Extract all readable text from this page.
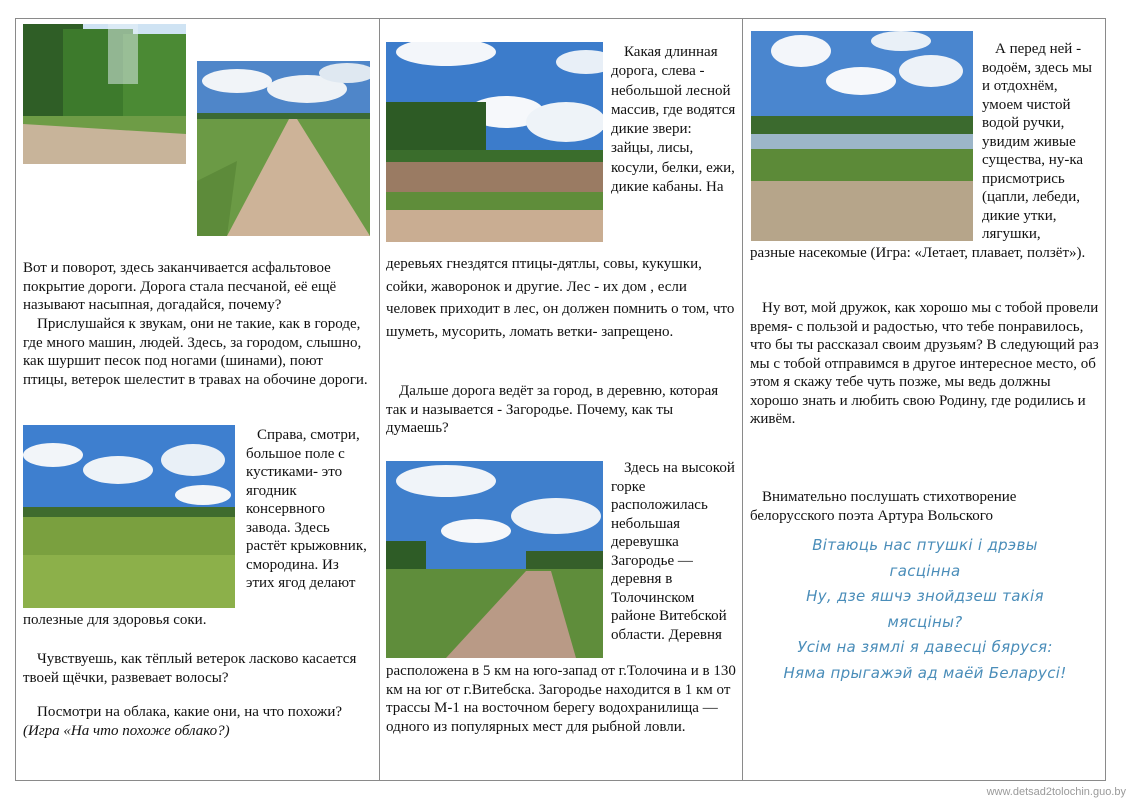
Вот и поворот, здесь заканчивается асфальтовое покрытие дороги. Дорога стала песчаной, её ещё называют насыпная, догадайся, почему?
Прислушайся к звукам, они не такие, как в городе, где много машин, людей. Здесь, за городом, слышно, как шуршит песок под ногами (шинами), поют птицы, ветерок шелестит в травах на обочине дороги.
Справа, смотри, большое поле с кустиками- это ягодник консервного завода. Здесь растёт крыжовник, смородина. Из этих ягод делают
полезные для здоровья соки.
Чувствуешь, как тёплый ветерок ласково касается твоей щёчки, развевает волосы?
Посмотри на облака, какие они, на что похожи?
(Игра «На что похоже облако?)
Какая длинная дорога, слева - небольшой лесной массив, где водятся дикие звери: зайцы, лисы, косули, белки, ежи, дикие кабаны. На
деревьях гнездятся птицы-дятлы, совы, кукушки, сойки, жаворонок и другие. Лес - их дом , если человек приходит в лес, он должен помнить о том, что шуметь, мусорить, ломать ветки- запрещено.
Дальше дорога ведёт за город, в деревню, которая так и называется - Загородье. Почему, как ты думаешь?
Здесь на высокой горке расположилась небольшая деревушка Загородье — деревня в Толочинском районе Витебской области. Деревня
расположена в 5 км на юго-запад от г.Толочина и в 130 км на юг от г.Витебска. Загородье находится в 1 км от трассы М-1 на восточном берегу водохранилища — одного из популярных мест для рыбной ловли.
А перед ней - водоём, здесь мы и отдохнём, умоем чистой водой ручки, увидим живые существа, ну-ка присмотрись (цапли, лебеди, дикие утки, лягушки,
разные насекомые (Игра: «Летает, плавает, ползёт»).
Ну вот, мой дружок, как хорошо мы с тобой провели время- с пользой и радостью, что тебе понравилось, что бы ты рассказал своим друзьям? В следующий раз мы с тобой отправимся в другое интересное место, об этом я скажу тебе чуть позже, мы ведь должны хорошо знать и любить свою Родину, где родились и живём.
Внимательно послушать стихотворение белорусского поэта Артура Вольского
Вітаюць нас птушкі і дрэвы
гасцінна
Ну, дзе яшчэ знойдзеш такія
мясціны?
Усім на зямлі я давесці бяруся:
Няма прыгажэй ад маёй Беларусі!
www.detsad2tolochin.guo.by
